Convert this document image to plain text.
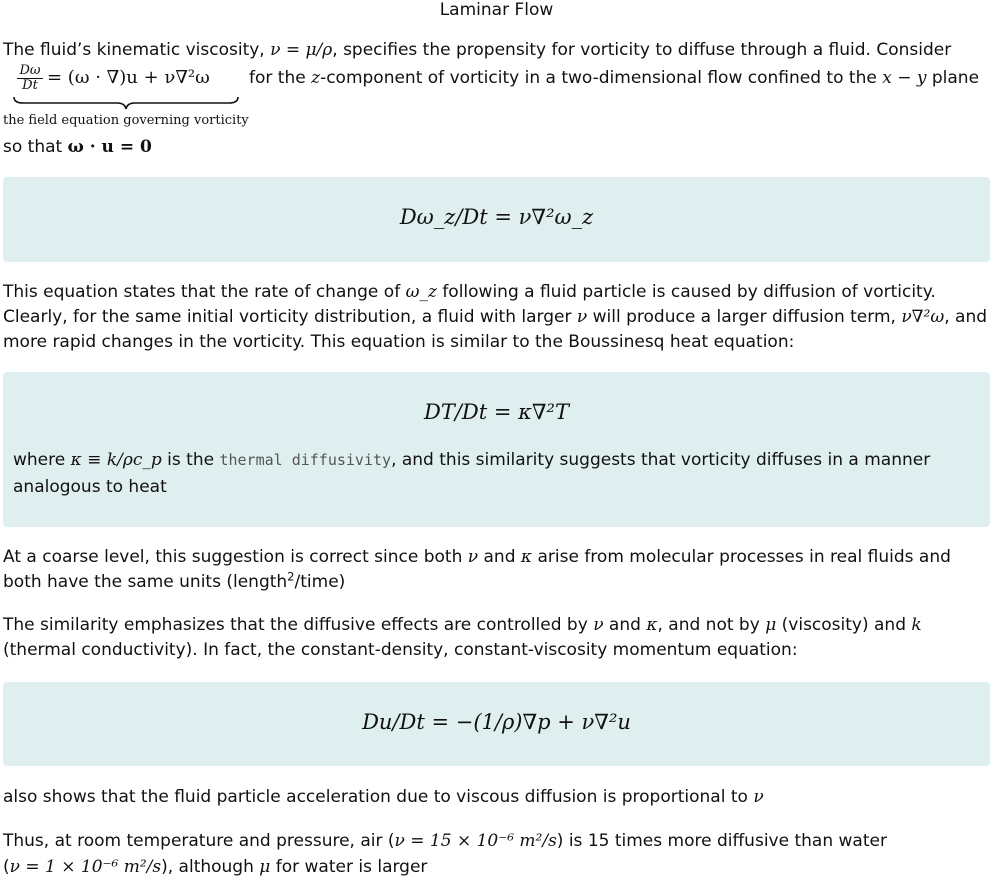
Laminar Flow

The fluid’s kinematic viscosity, ν = μ/ρ, specifies the propensity for vorticity to diffuse through a fluid. Consider

$\frac{D\omega}{Dt} = (\omega \cdot \nabla)u + \nu\nabla^2\omega$
the field equation governing vorticity
for the z-component of vorticity in a two-dimensional flow confined to the x − y plane

so that ω · u = 0

Dω_z/Dt = ν∇²ω_z

This equation states that the rate of change of ω_z following a fluid particle is caused by diffusion of vorticity. Clearly, for the same initial vorticity distribution, a fluid with larger ν will produce a larger diffusion term, ν∇²ω, and more rapid changes in the vorticity. This equation is similar to the Boussinesq heat equation:

DT/Dt = κ∇²T

where κ ≡ k/ρc_p is the thermal diffusivity, and this similarity suggests that vorticity diffuses in a manner analogous to heat

At a coarse level, this suggestion is correct since both ν and κ arise from molecular processes in real fluids and both have the same units (length$^2$/time)

The similarity emphasizes that the diffusive effects are controlled by ν and κ, and not by μ (viscosity) and k (thermal conductivity). In fact, the constant-density, constant-viscosity momentum equation:

Du/Dt = −(1/ρ)∇p + ν∇²u

also shows that the fluid particle acceleration due to viscous diffusion is proportional to ν

Thus, at room temperature and pressure, air (ν = 15 × 10⁻⁶ m²/s) is 15 times more diffusive than water
(ν = 1 × 10⁻⁶ m²/s), although μ for water is larger
